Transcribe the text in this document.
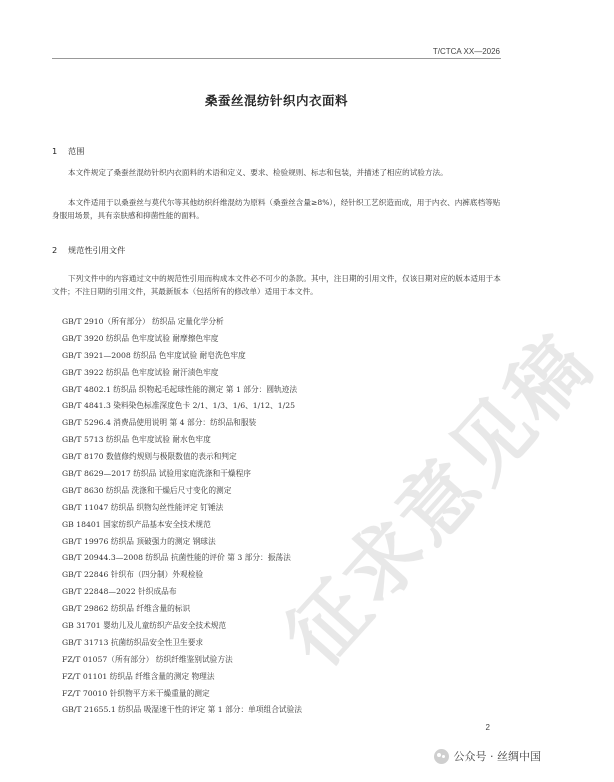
T/CTCA XX—2026
桑蚕丝混纺针织内衣面料
1 范围
本文件规定了桑蚕丝混纺针织内衣面料的术语和定义、要求、检验规则、标志和包装，并描述了相应的试验方法。
本文件适用于以桑蚕丝与莫代尔等其他纺织纤维混纺为原料（桑蚕丝含量≥8%），经针织工艺织造而成，用于内衣、内裤底档等贴身服用场景，具有亲肤感和抑菌性能的面料。
2 规范性引用文件
下列文件中的内容通过文中的规范性引用而构成本文件必不可少的条款。其中，注日期的引用文件，仅该日期对应的版本适用于本文件；不注日期的引用文件，其最新版本（包括所有的修改单）适用于本文件。
GB/T 2910（所有部分） 纺织品 定量化学分析
GB/T 3920 纺织品 色牢度试验 耐摩擦色牢度
GB/T 3921—2008 纺织品 色牢度试验 耐皂洗色牢度
GB/T 3922 纺织品 色牢度试验 耐汗渍色牢度
GB/T 4802.1 纺织品 织物起毛起球性能的测定 第 1 部分：圆轨迹法
GB/T 4841.3 染料染色标准深度色卡 2/1、1/3、1/6、1/12、1/25
GB/T 5296.4 消费品使用说明 第 4 部分：纺织品和服装
GB/T 5713 纺织品 色牢度试验 耐水色牢度
GB/T 8170 数值修约规则与极限数值的表示和判定
GB/T 8629—2017 纺织品 试验用家庭洗涤和干燥程序
GB/T 8630 纺织品 洗涤和干燥后尺寸变化的测定
GB/T 11047 纺织品 织物勾丝性能评定 钉锤法
GB 18401 国家纺织产品基本安全技术规范
GB/T 19976 纺织品 顶破强力的测定 钢球法
GB/T 20944.3—2008 纺织品 抗菌性能的评价 第 3 部分：振荡法
GB/T 22846 针织布（四分制）外观检验
GB/T 22848—2022 针织成品布
GB/T 29862 纺织品 纤维含量的标识
GB 31701 婴幼儿及儿童纺织产品安全技术规范
GB/T 31713 抗菌纺织品安全性卫生要求
FZ/T 01057（所有部分） 纺织纤维鉴别试验方法
FZ/T 01101 纺织品 纤维含量的测定 物理法
FZ/T 70010 针织物平方米干燥重量的测定
GB/T 21655.1 纺织品 吸湿速干性的评定 第 1 部分：单项组合试验法
征求意见稿
2
公众号 · 丝绸中国
